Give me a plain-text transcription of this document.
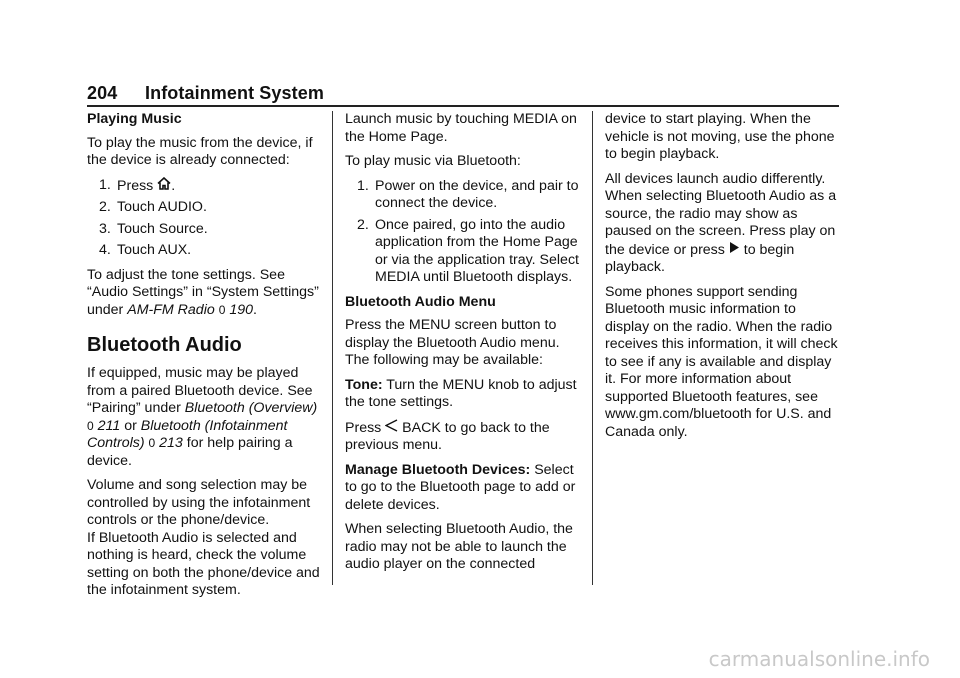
204 Infotainment System

Playing Music

To play the music from the device, if the device is already connected:

1. Press .
2. Touch AUDIO.
3. Touch Source.
4. Touch AUX.

To adjust the tone settings. See “Audio Settings” in “System Settings” under AM-FM Radio 0 190.

Bluetooth Audio

If equipped, music may be played from a paired Bluetooth device. See “Pairing” under Bluetooth (Overview) 0 211 or Bluetooth (Infotainment Controls) 0 213 for help pairing a device.

Volume and song selection may be controlled by using the infotainment controls or the phone/device.

If Bluetooth Audio is selected and nothing is heard, check the volume setting on both the phone/device and the infotainment system.

Launch music by touching MEDIA on the Home Page.

To play music via Bluetooth:

1. Power on the device, and pair to connect the device.
2. Once paired, go into the audio application from the Home Page or via the application tray. Select MEDIA until Bluetooth displays.

Bluetooth Audio Menu

Press the MENU screen button to display the Bluetooth Audio menu. The following may be available:

Tone: Turn the MENU knob to adjust the tone settings.

Press  BACK to go back to the previous menu.

Manage Bluetooth Devices: Select to go to the Bluetooth page to add or delete devices.

When selecting Bluetooth Audio, the radio may not be able to launch the audio player on the connected

device to start playing. When the vehicle is not moving, use the phone to begin playback.

All devices launch audio differently. When selecting Bluetooth Audio as a source, the radio may show as paused on the screen. Press play on the device or press  to begin playback.

Some phones support sending Bluetooth music information to display on the radio. When the radio receives this information, it will check to see if any is available and display it. For more information about supported Bluetooth features, see www.gm.com/bluetooth for U.S. and Canada only.

carmanualsonline.info
